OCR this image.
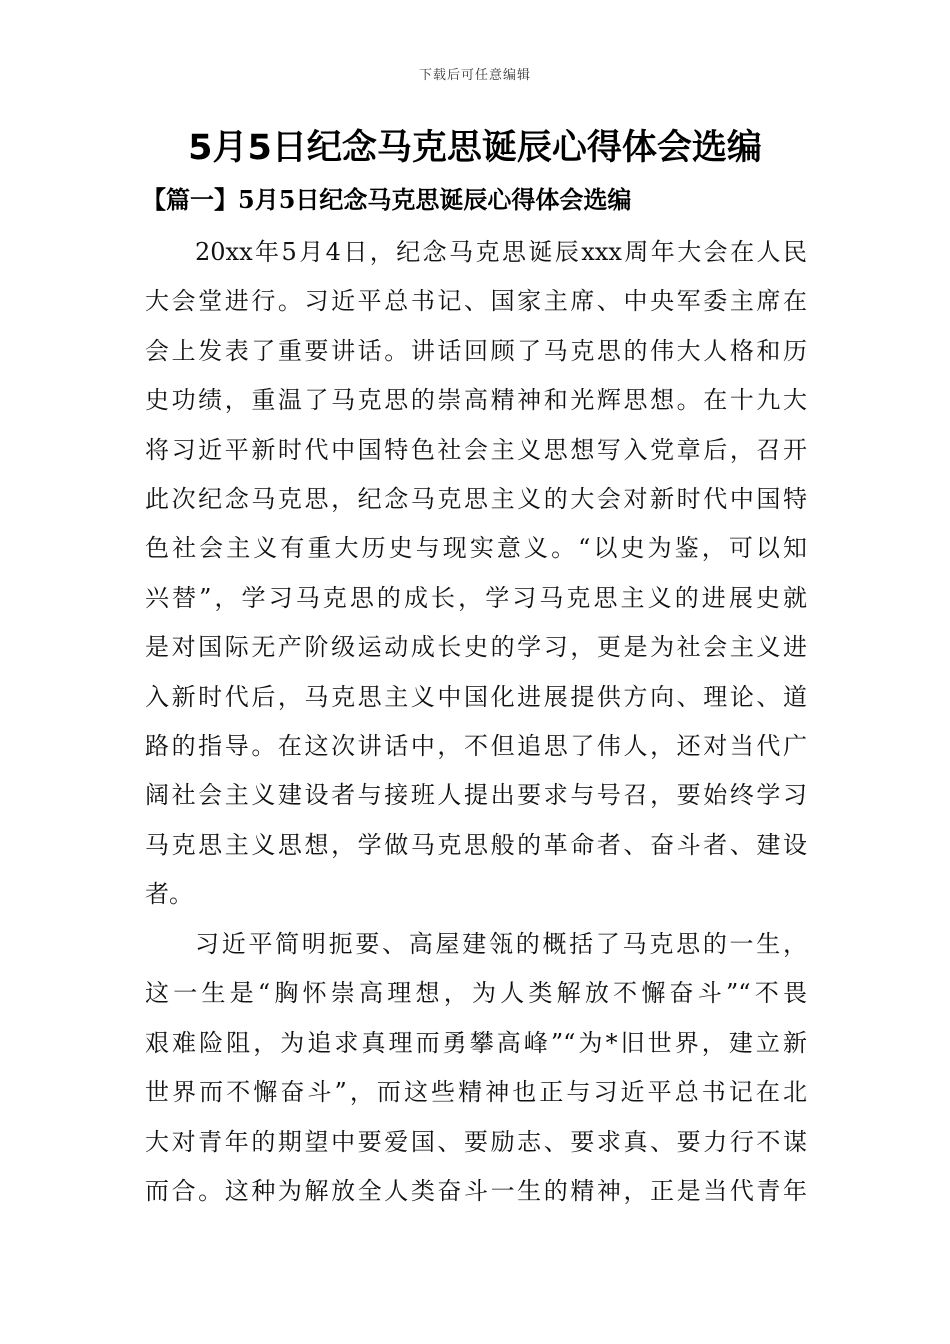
下载后可任意编辑
5月5日纪念马克思诞辰心得体会选编
【篇一】5月5日纪念马克思诞辰心得体会选编
20xx年5月4日，纪念马克思诞辰xxx周年大会在人民
大会堂进行。习近平总书记、国家主席、中央军委主席在
会上发表了重要讲话。讲话回顾了马克思的伟大人格和历
史功绩，重温了马克思的崇高精神和光辉思想。在十九大
将习近平新时代中国特色社会主义思想写入党章后，召开
此次纪念马克思，纪念马克思主义的大会对新时代中国特
色社会主义有重大历史与现实意义。“以史为鉴，可以知
兴替”，学习马克思的成长，学习马克思主义的进展史就
是对国际无产阶级运动成长史的学习，更是为社会主义进
入新时代后，马克思主义中国化进展提供方向、理论、道
路的指导。在这次讲话中，不但追思了伟人，还对当代广
阔社会主义建设者与接班人提出要求与号召，要始终学习
马克思主义思想，学做马克思般的革命者、奋斗者、建设
者。
习近平简明扼要、高屋建瓴的概括了马克思的一生，
这一生是“胸怀崇高理想，为人类解放不懈奋斗”“不畏
艰难险阻，为追求真理而勇攀高峰”“为*旧世界，建立新
世界而不懈奋斗”，而这些精神也正与习近平总书记在北
大对青年的期望中要爱国、要励志、要求真、要力行不谋
而合。这种为解放全人类奋斗一生的精神，正是当代青年
